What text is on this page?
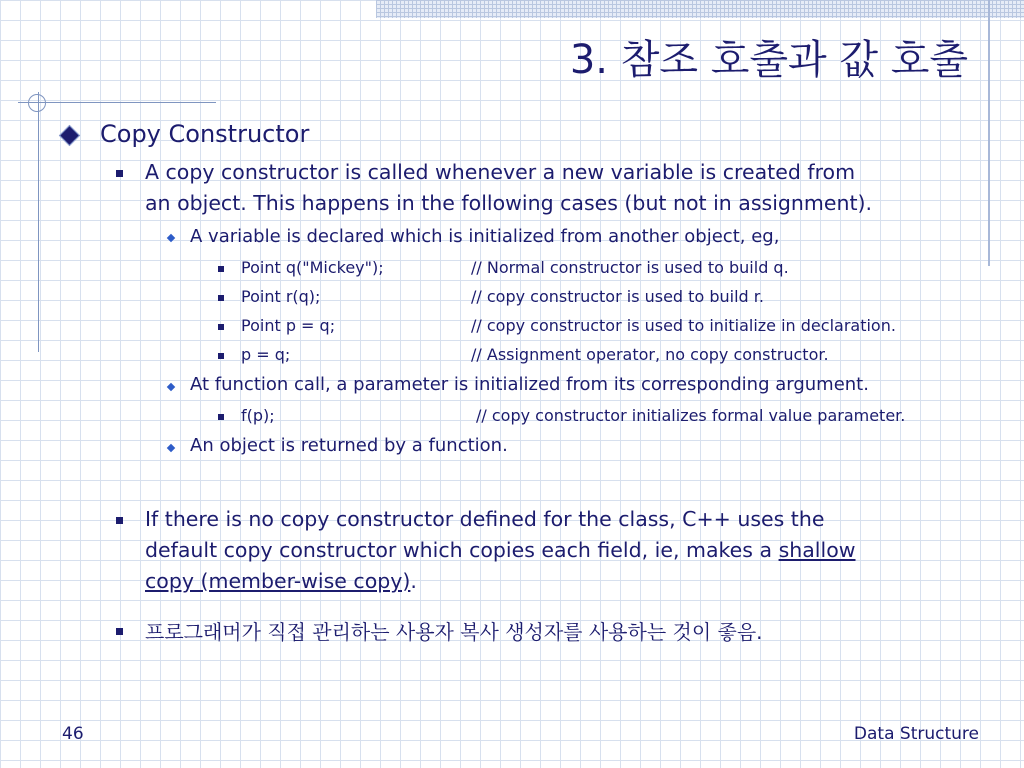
3. 참조 호출과 값 호출
Copy Constructor
A copy constructor is called whenever a new variable is created from
an object. This happens in the following cases (but not in assignment).
A variable is declared which is initialized from another object, eg,
Point q("Mickey");	// Normal constructor is used to build q.
Point r(q);	// copy constructor is used to build r.
Point p = q;	// copy constructor is used to initialize in declaration.
p = q;	// Assignment operator, no copy constructor.
At function call, a parameter is initialized from its corresponding argument.
f(p);	// copy constructor initializes formal value parameter.
An object is returned by a function.
If there is no copy constructor defined for the class, C++ uses the
default copy constructor which copies each field, ie, makes a shallow
copy (member-wise copy).
프로그래머가 직접 관리하는 사용자 복사 생성자를 사용하는 것이 좋음.
46	Data Structure
